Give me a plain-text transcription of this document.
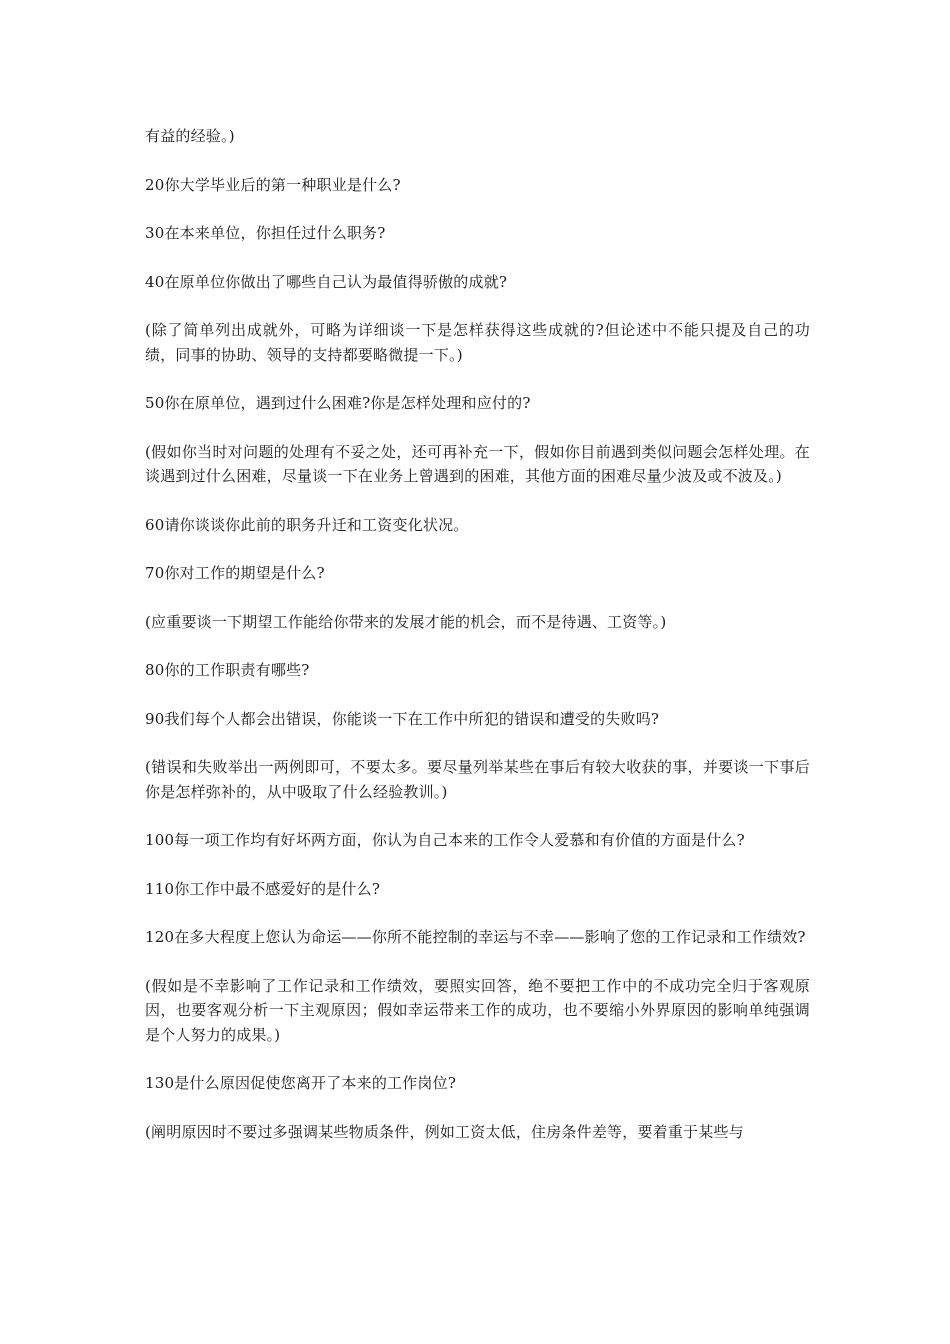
有益的经验。)

20你大学毕业后的第一种职业是什么?

30在本来单位，你担任过什么职务?

40在原单位你做出了哪些自己认为最值得骄傲的成就?

(除了简单列出成就外，可略为详细谈一下是怎样获得这些成就的?但论述中不能只提及自己的功绩，同事的协助、领导的支持都要略微提一下。)

50你在原单位，遇到过什么困难?你是怎样处理和应付的?

(假如你当时对问题的处理有不妥之处，还可再补充一下，假如你目前遇到类似问题会怎样处理。在谈遇到过什么困难，尽量谈一下在业务上曾遇到的困难，其他方面的困难尽量少波及或不波及。)

60请你谈谈你此前的职务升迁和工资变化状况。

70你对工作的期望是什么?

(应重要谈一下期望工作能给你带来的发展才能的机会，而不是待遇、工资等。)

80你的工作职责有哪些?

90我们每个人都会出错误，你能谈一下在工作中所犯的错误和遭受的失败吗?

(错误和失败举出一两例即可，不要太多。要尽量列举某些在事后有较大收获的事，并要谈一下事后你是怎样弥补的，从中吸取了什么经验教训。)

100每一项工作均有好坏两方面，你认为自己本来的工作令人爱慕和有价值的方面是什么?

110你工作中最不感爱好的是什么?

120在多大程度上您认为命运——你所不能控制的幸运与不幸——影响了您的工作记录和工作绩效?

(假如是不幸影响了工作记录和工作绩效，要照实回答，绝不要把工作中的不成功完全归于客观原因，也要客观分析一下主观原因；假如幸运带来工作的成功，也不要缩小外界原因的影响单纯强调是个人努力的成果。)

130是什么原因促使您离开了本来的工作岗位?

(阐明原因时不要过多强调某些物质条件，例如工资太低，住房条件差等，要着重于某些与
